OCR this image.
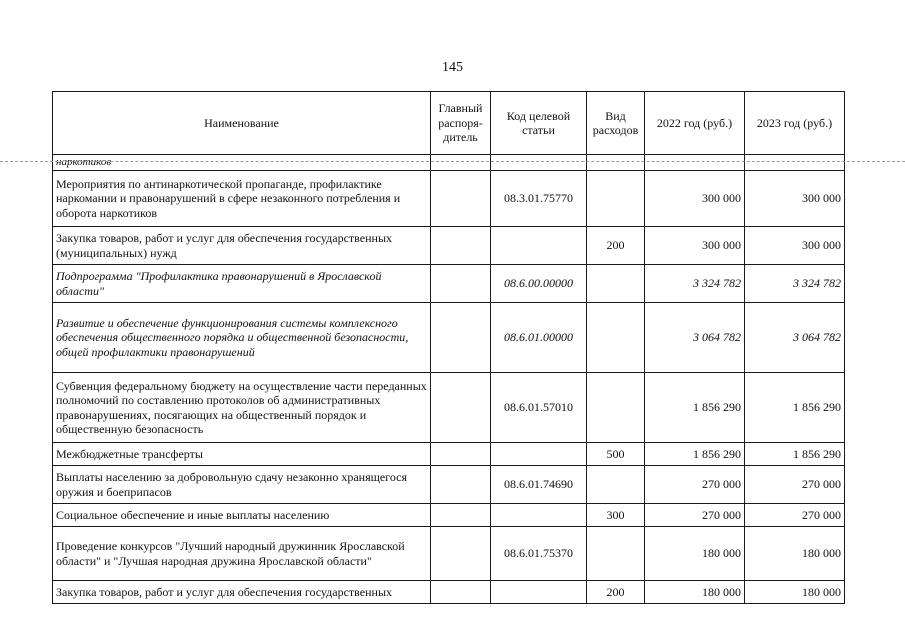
145
Наименование	Главный распоря-дитель	Код целевой статьи	Вид расходов	2022 год (руб.)	2023 год (руб.)
наркотиков					
Мероприятия по антинаркотической пропаганде, профилактике наркомании и правонарушений в сфере незаконного потребления и оборота наркотиков		08.3.01.75770		300 000	300 000
Закупка товаров, работ и услуг для обеспечения государственных (муниципальных) нужд			200	300 000	300 000
Подпрограмма "Профилактика правонарушений в Ярославской области"		08.6.00.00000		3 324 782	3 324 782
Развитие и обеспечение функционирования системы комплексного обеспечения общественного порядка и общественной безопасности, общей профилактики правонарушений		08.6.01.00000		3 064 782	3 064 782
Субвенция федеральному бюджету на осуществление части переданных полномочий по составлению протоколов об административных правонарушениях, посягающих на общественный порядок и общественную безопасность		08.6.01.57010		1 856 290	1 856 290
Межбюджетные трансферты			500	1 856 290	1 856 290
Выплаты населению за добровольную сдачу незаконно хранящегося оружия и боеприпасов		08.6.01.74690		270 000	270 000
Социальное обеспечение и иные выплаты населению			300	270 000	270 000
Проведение конкурсов "Лучший народный дружинник Ярославской области" и "Лучшая народная дружина Ярославской области"		08.6.01.75370		180 000	180 000
Закупка товаров, работ и услуг для обеспечения государственных			200	180 000	180 000
